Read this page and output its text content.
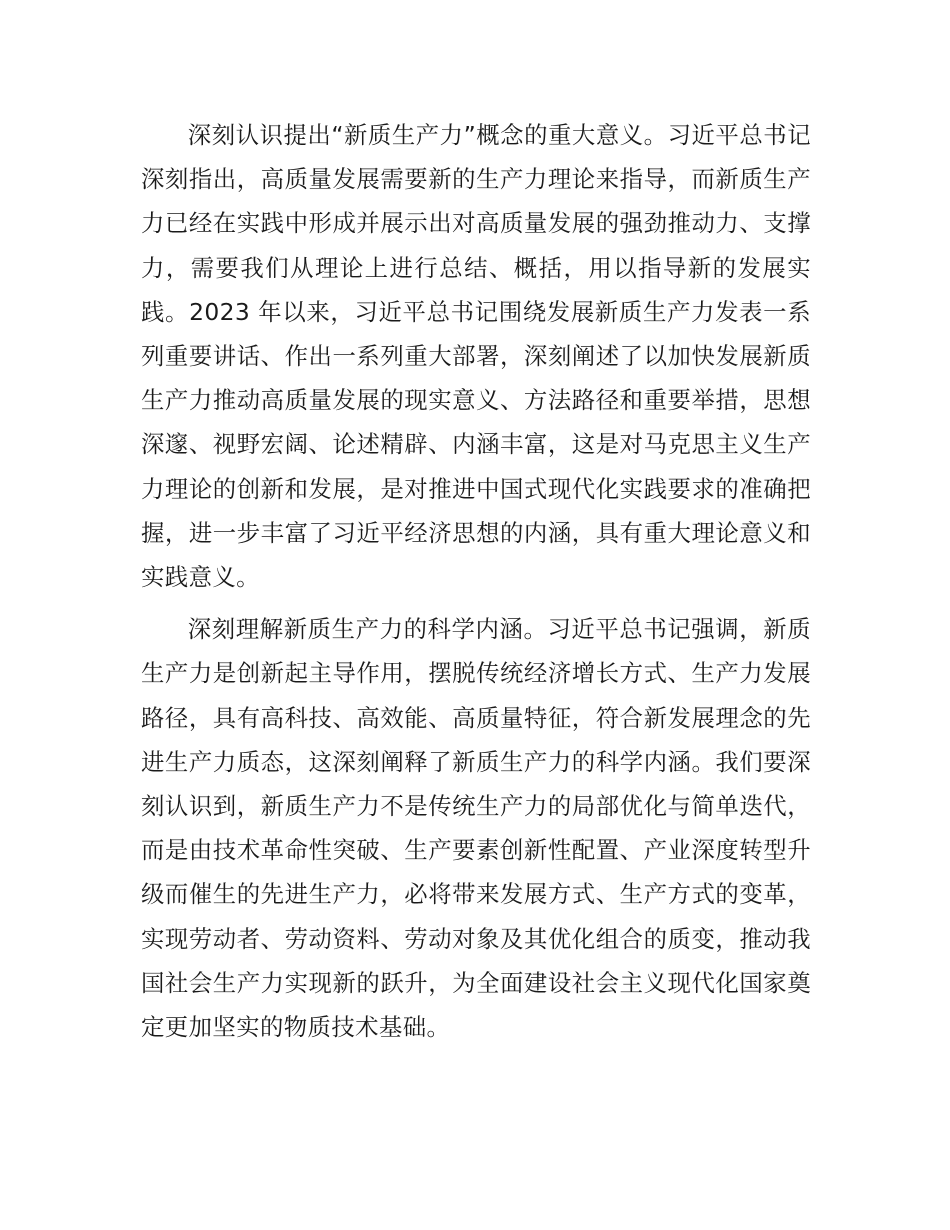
深刻认识提出“新质生产力”概念的重大意义。习近平总书记深刻指出，高质量发展需要新的生产力理论来指导，而新质生产力已经在实践中形成并展示出对高质量发展的强劲推动力、支撑力，需要我们从理论上进行总结、概括，用以指导新的发展实践。2023 年以来，习近平总书记围绕发展新质生产力发表一系列重要讲话、作出一系列重大部署，深刻阐述了以加快发展新质生产力推动高质量发展的现实意义、方法路径和重要举措，思想深邃、视野宏阔、论述精辟、内涵丰富，这是对马克思主义生产力理论的创新和发展，是对推进中国式现代化实践要求的准确把握，进一步丰富了习近平经济思想的内涵，具有重大理论意义和实践意义。

深刻理解新质生产力的科学内涵。习近平总书记强调，新质生产力是创新起主导作用，摆脱传统经济增长方式、生产力发展路径，具有高科技、高效能、高质量特征，符合新发展理念的先进生产力质态，这深刻阐释了新质生产力的科学内涵。我们要深刻认识到，新质生产力不是传统生产力的局部优化与简单迭代，而是由技术革命性突破、生产要素创新性配置、产业深度转型升级而催生的先进生产力，必将带来发展方式、生产方式的变革，实现劳动者、劳动资料、劳动对象及其优化组合的质变，推动我国社会生产力实现新的跃升，为全面建设社会主义现代化国家奠定更加坚实的物质技术基础。
